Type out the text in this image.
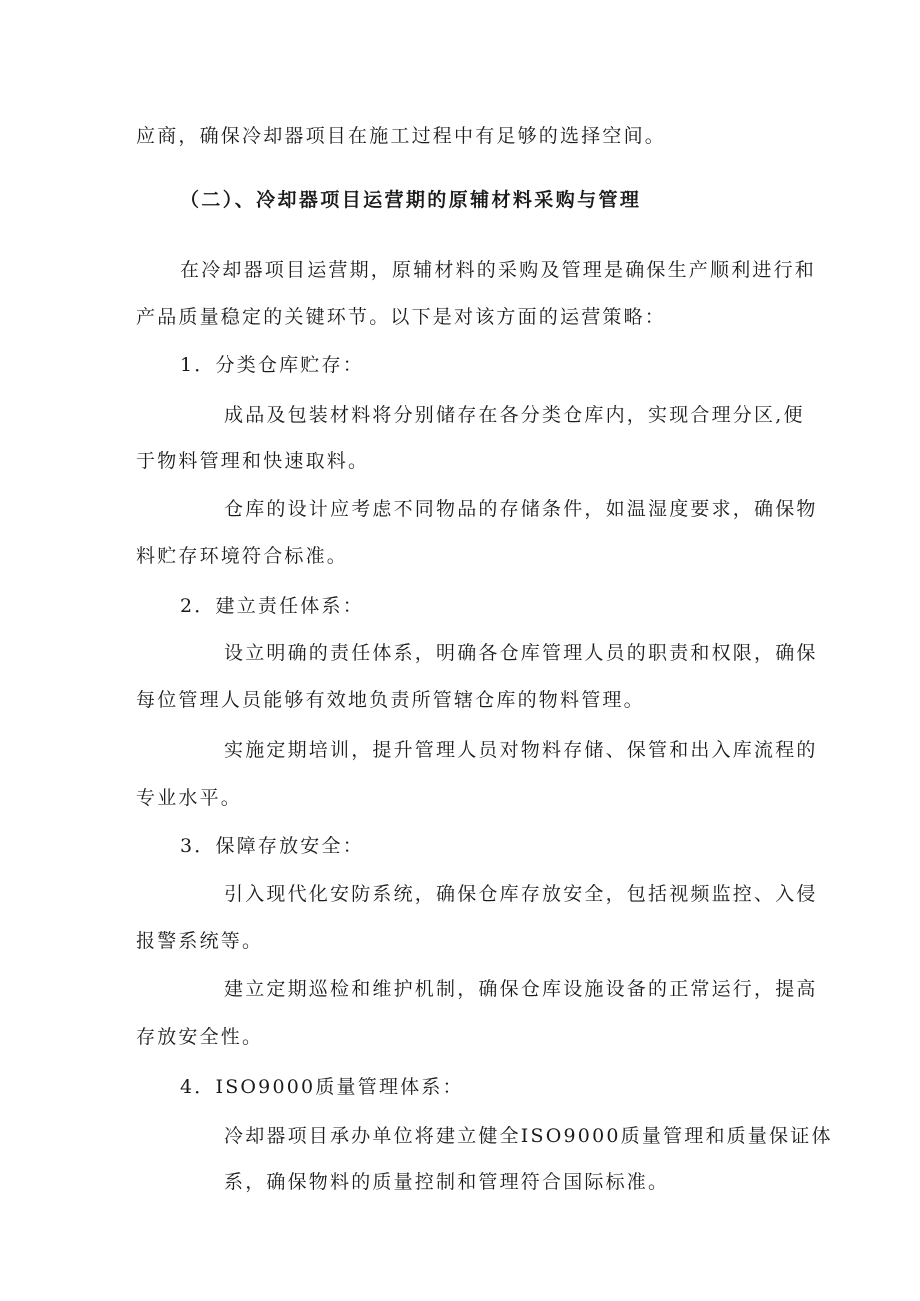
应商，确保冷却器项目在施工过程中有足够的选择空间。
（二）、冷却器项目运营期的原辅材料采购与管理
在冷却器项目运营期，原辅材料的采购及管理是确保生产顺利进行和
产品质量稳定的关键环节。以下是对该方面的运营策略：
1．分类仓库贮存：
成品及包装材料将分别储存在各分类仓库内，实现合理分区,便
于物料管理和快速取料。
仓库的设计应考虑不同物品的存储条件，如温湿度要求，确保物
料贮存环境符合标准。
2．建立责任体系：
设立明确的责任体系，明确各仓库管理人员的职责和权限，确保
每位管理人员能够有效地负责所管辖仓库的物料管理。
实施定期培训，提升管理人员对物料存储、保管和出入库流程的
专业水平。
3．保障存放安全：
引入现代化安防系统，确保仓库存放安全，包括视频监控、入侵
报警系统等。
建立定期巡检和维护机制，确保仓库设施设备的正常运行，提高
存放安全性。
4．ISO9000质量管理体系：
冷却器项目承办单位将建立健全ISO9000质量管理和质量保证体
系，确保物料的质量控制和管理符合国际标准。
